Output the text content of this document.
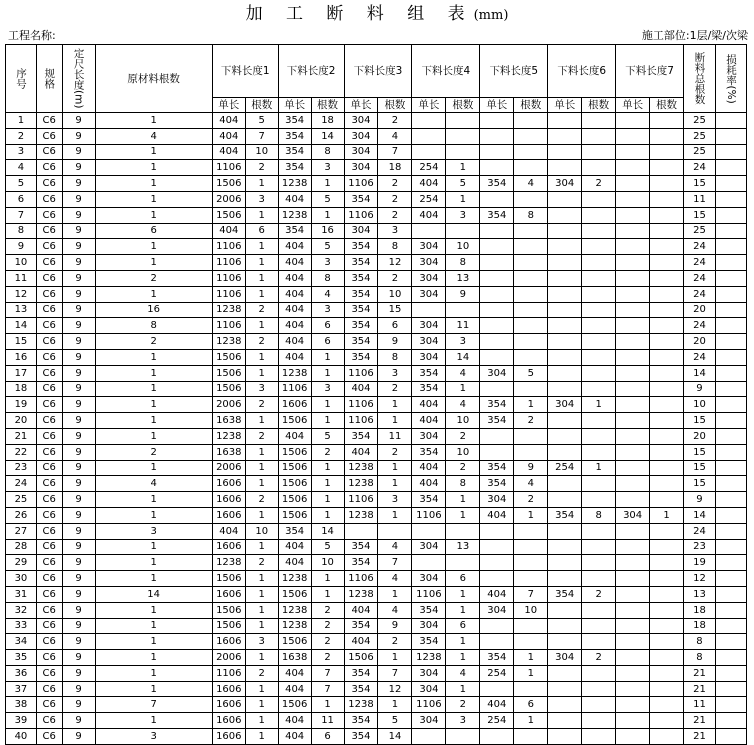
加 工 断 料 组 表(mm)
工程名称:	施工部位:1层/梁/次梁
序号	规格	定尺长度(m)	原材料根数	下料长度1		下料长度2		下料长度3		下料长度4		下料长度5		下料长度6		下料长度7		断料总根数	损耗率(%)
				单长	根数	单长	根数	单长	根数	单长	根数	单长	根数	单长	根数	单长	根数		
1	C6	9	1	404	5	354	18	304	2									25	
2	C6	9	4	404	7	354	14	304	4									25	
3	C6	9	1	404	10	354	8	304	7									25	
4	C6	9	1	1106	2	354	3	304	18	254	1							24	
5	C6	9	1	1506	1	1238	1	1106	2	404	5	354	4	304	2			15	
6	C6	9	1	2006	3	404	5	354	2	254	1							11	
7	C6	9	1	1506	1	1238	1	1106	2	404	3	354	8					15	
8	C6	9	6	404	6	354	16	304	3									25	
9	C6	9	1	1106	1	404	5	354	8	304	10							24	
10	C6	9	1	1106	1	404	3	354	12	304	8							24	
11	C6	9	2	1106	1	404	8	354	2	304	13							24	
12	C6	9	1	1106	1	404	4	354	10	304	9							24	
13	C6	9	16	1238	2	404	3	354	15									20	
14	C6	9	8	1106	1	404	6	354	6	304	11							24	
15	C6	9	2	1238	2	404	6	354	9	304	3							20	
16	C6	9	1	1506	1	404	1	354	8	304	14							24	
17	C6	9	1	1506	1	1238	1	1106	3	354	4	304	5					14	
18	C6	9	1	1506	3	1106	3	404	2	354	1							9	
19	C6	9	1	2006	2	1606	1	1106	1	404	4	354	1	304	1			10	
20	C6	9	1	1638	1	1506	1	1106	1	404	10	354	2					15	
21	C6	9	1	1238	2	404	5	354	11	304	2							20	
22	C6	9	2	1638	1	1506	2	404	2	354	10							15	
23	C6	9	1	2006	1	1506	1	1238	1	404	2	354	9	254	1			15	
24	C6	9	4	1606	1	1506	1	1238	1	404	8	354	4					15	
25	C6	9	1	1606	2	1506	1	1106	3	354	1	304	2					9	
26	C6	9	1	1606	1	1506	1	1238	1	1106	1	404	1	354	8	304	1	14	
27	C6	9	3	404	10	354	14											24	
28	C6	9	1	1606	1	404	5	354	4	304	13							23	
29	C6	9	1	1238	2	404	10	354	7									19	
30	C6	9	1	1506	1	1238	1	1106	4	304	6							12	
31	C6	9	14	1606	1	1506	1	1238	1	1106	1	404	7	354	2			13	
32	C6	9	1	1506	1	1238	2	404	4	354	1	304	10					18	
33	C6	9	1	1506	1	1238	2	354	9	304	6							18	
34	C6	9	1	1606	3	1506	2	404	2	354	1							8	
35	C6	9	1	2006	1	1638	2	1506	1	1238	1	354	1	304	2			8	
36	C6	9	1	1106	2	404	7	354	7	304	4	254	1					21	
37	C6	9	1	1606	1	404	7	354	12	304	1							21	
38	C6	9	7	1606	1	1506	1	1238	1	1106	2	404	6					11	
39	C6	9	1	1606	1	404	11	354	5	304	3	254	1					21	
40	C6	9	3	1606	1	404	6	354	14									21	
